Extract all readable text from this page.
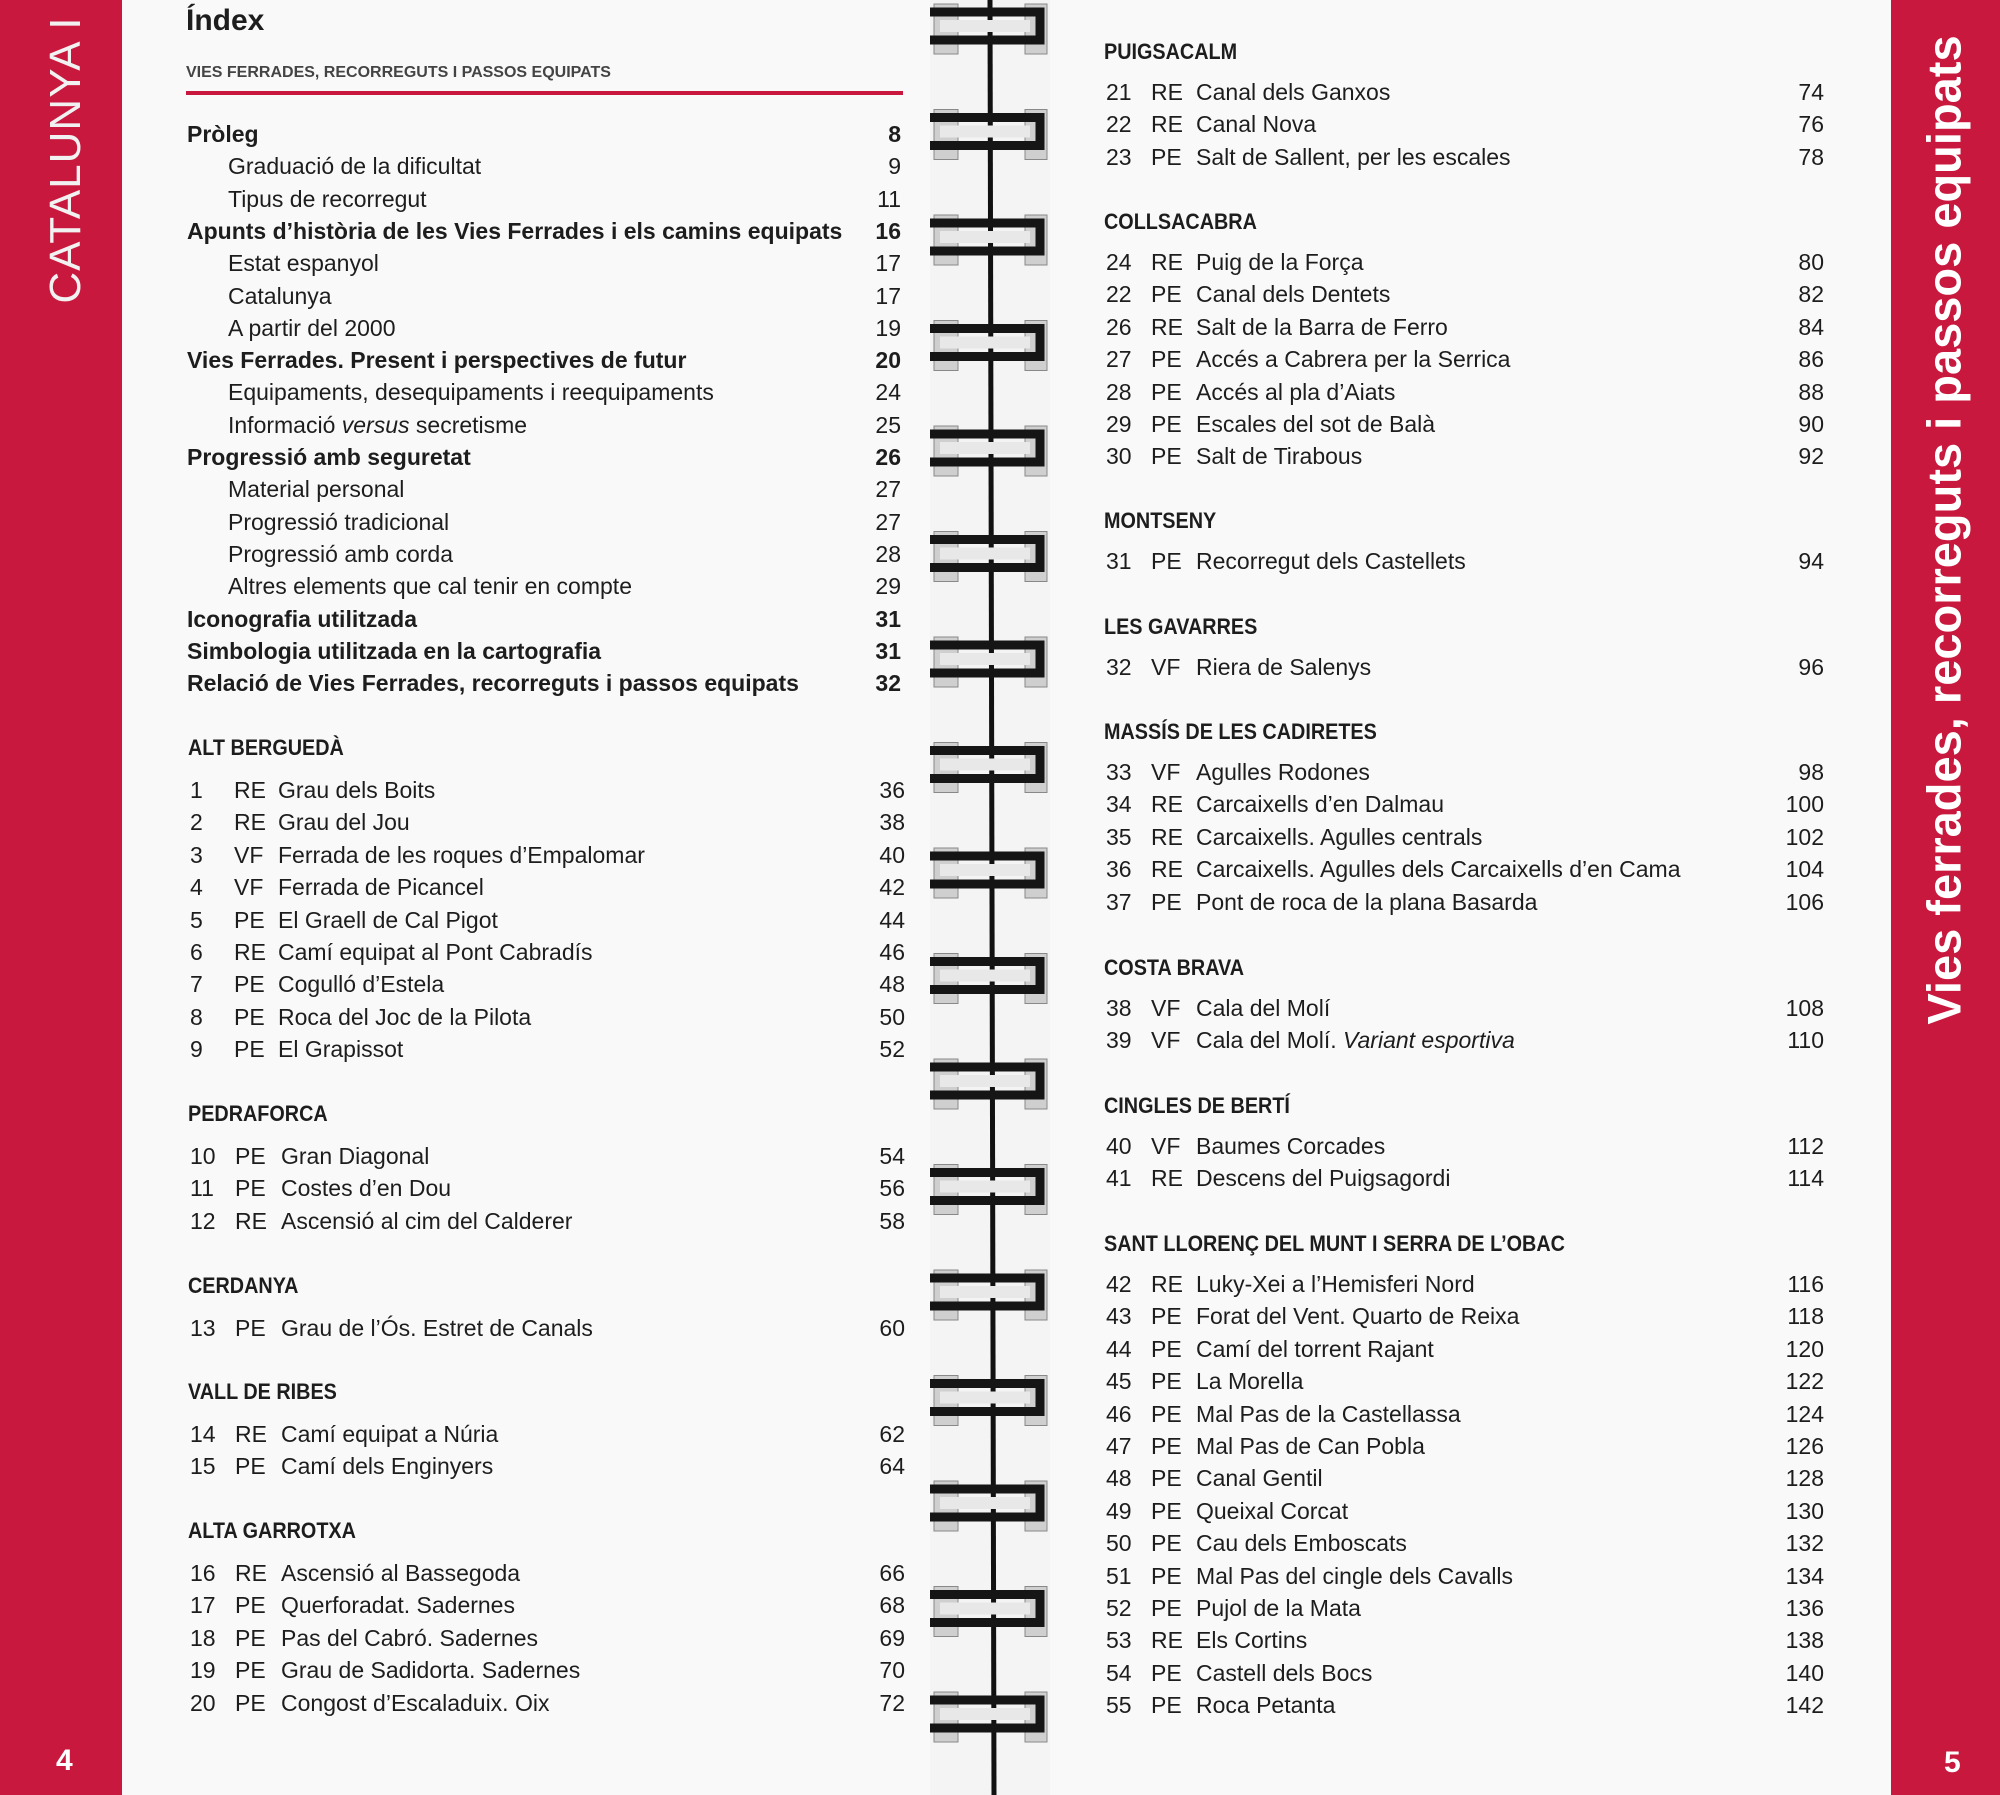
CATALUNYA I	Vies ferrades, recorreguts i passos equipats
4	5
Índex
VIES FERRADES, RECORREGUTS I PASSOS EQUIPATS
Pròleg	8
Graduació de la dificultat	9
Tipus de recorregut	11
Apunts d’història de les Vies Ferrades i els camins equipats 16
Estat espanyol	17
Catalunya	17
A partir del 2000	19
Vies Ferrades. Present i perspectives de futur	20
Equipaments, desequipaments i reequipaments	24
Informació versus secretisme	25
Progressió amb seguretat	26
Material personal	27
Progressió tradicional	27
Progressió amb corda	28
Altres elements que cal tenir en compte	29
Iconografia utilitzada	31
Simbologia utilitzada en la cartografia	31
Relació de Vies Ferrades, recorreguts i passos equipats	32
ALT BERGUEDÀ
1 RE Grau dels Boits	36
2 RE Grau del Jou	38
3 VF Ferrada de les roques d’Empalomar	40
4 VF Ferrada de Picancel	42
5 PE El Graell de Cal Pigot	44
6 RE Camí equipat al Pont Cabradís	46
7 PE Cogulló d’Estela	48
8 PE Roca del Joc de la Pilota	50
9 PE El Grapissot	52
PEDRAFORCA
10 PE Gran Diagonal	54
11 PE Costes d’en Dou	56
12 RE Ascensió al cim del Calderer	58
CERDANYA
13 PE Grau de l’Ós. Estret de Canals	60
VALL DE RIBES
14 RE Camí equipat a Núria	62
15 PE Camí dels Enginyers	64
ALTA GARROTXA
16 RE Ascensió al Bassegoda	66
17 PE Querforadat. Sadernes	68
18 PE Pas del Cabró. Sadernes	69
19 PE Grau de Sadidorta. Sadernes	70
20 PE Congost d’Escaladuix. Oix	72
PUIGSACALM
21 RE Canal dels Ganxos	74
22 RE Canal Nova	76
23 PE Salt de Sallent, per les escales	78
COLLSACABRA
24 RE Puig de la Força	80
22 PE Canal dels Dentets	82
26 RE Salt de la Barra de Ferro	84
27 PE Accés a Cabrera per la Serrica	86
28 PE Accés al pla d’Aiats	88
29 PE Escales del sot de Balà	90
30 PE Salt de Tirabous	92
MONTSENY
31 PE Recorregut dels Castellets	94
LES GAVARRES
32 VF Riera de Salenys	96
MASSÍS DE LES CADIRETES
33 VF Agulles Rodones	98
34 RE Carcaixells d’en Dalmau	100
35 RE Carcaixells. Agulles centrals	102
36 RE Carcaixells. Agulles dels Carcaixells d’en Cama	104
37 PE Pont de roca de la plana Basarda	106
COSTA BRAVA
38 VF Cala del Molí	108
39 VF Cala del Molí. Variant esportiva	110
CINGLES DE BERTÍ
40 VF Baumes Corcades	112
41 RE Descens del Puigsagordi	114
SANT LLORENÇ DEL MUNT I SERRA DE L’OBAC
42 RE Luky-Xei a l’Hemisferi Nord	116
43 PE Forat del Vent. Quarto de Reixa	118
44 PE Camí del torrent Rajant	120
45 PE La Morella	122
46 PE Mal Pas de la Castellassa	124
47 PE Mal Pas de Can Pobla	126
48 PE Canal Gentil	128
49 PE Queixal Corcat	130
50 PE Cau dels Emboscats	132
51 PE Mal Pas del cingle dels Cavalls	134
52 PE Pujol de la Mata	136
53 RE Els Cortins	138
54 PE Castell dels Bocs	140
55 PE Roca Petanta	142
